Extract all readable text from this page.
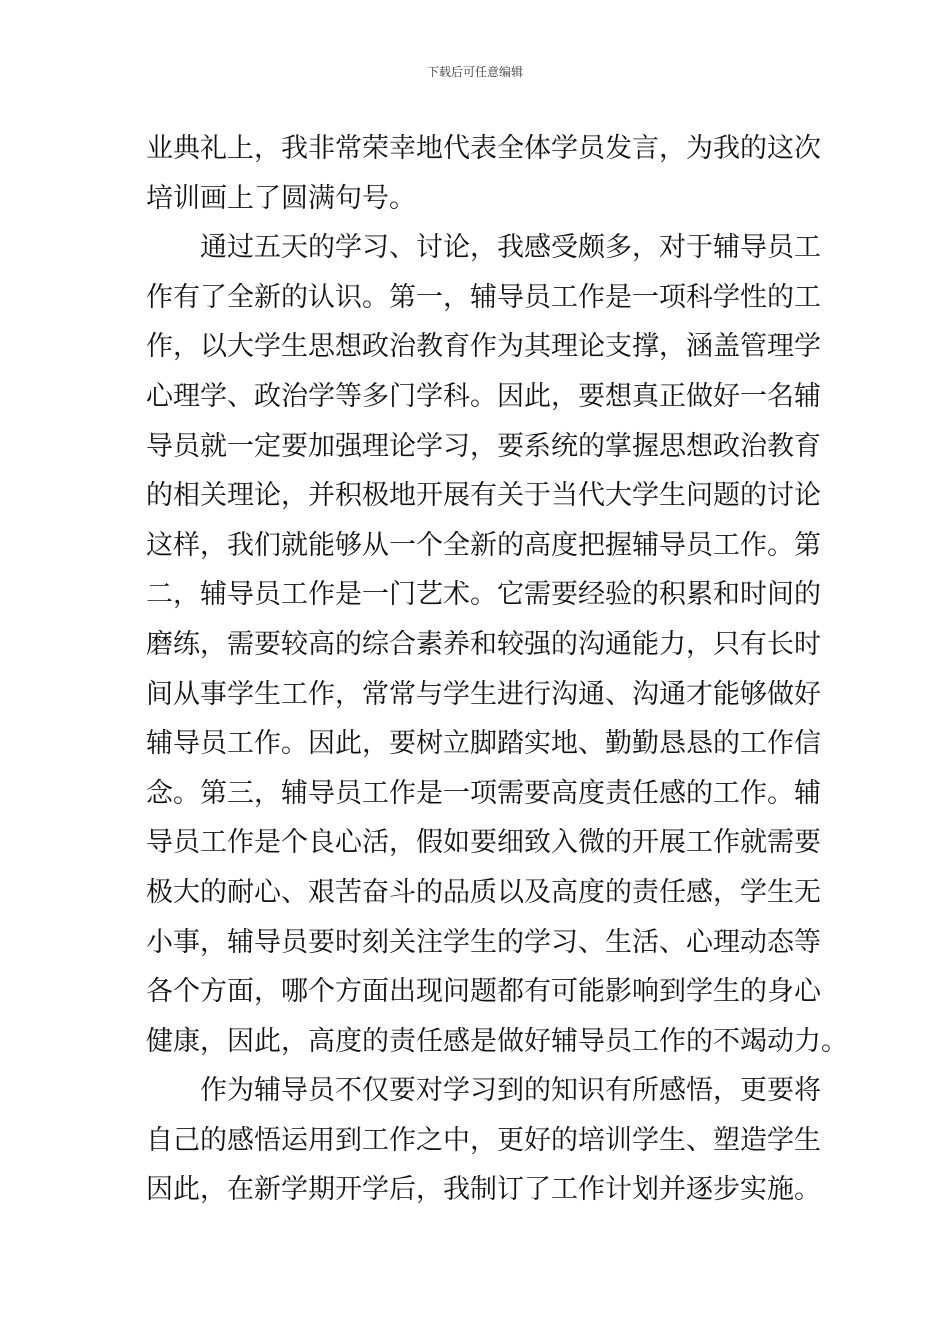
下载后可任意编辑
业典礼上，我非常荣幸地代表全体学员发言，为我的这次
培训画上了圆满句号。
通过五天的学习、讨论，我感受颇多，对于辅导员工
作有了全新的认识。第一，辅导员工作是一项科学性的工
作，以大学生思想政治教育作为其理论支撑，涵盖管理学
心理学、政治学等多门学科。因此，要想真正做好一名辅
导员就一定要加强理论学习，要系统的掌握思想政治教育
的相关理论，并积极地开展有关于当代大学生问题的讨论
这样，我们就能够从一个全新的高度把握辅导员工作。第
二，辅导员工作是一门艺术。它需要经验的积累和时间的
磨练，需要较高的综合素养和较强的沟通能力，只有长时
间从事学生工作，常常与学生进行沟通、沟通才能够做好
辅导员工作。因此，要树立脚踏实地、勤勤恳恳的工作信
念。第三，辅导员工作是一项需要高度责任感的工作。辅
导员工作是个良心活，假如要细致入微的开展工作就需要
极大的耐心、艰苦奋斗的品质以及高度的责任感，学生无
小事，辅导员要时刻关注学生的学习、生活、心理动态等
各个方面，哪个方面出现问题都有可能影响到学生的身心
健康，因此，高度的责任感是做好辅导员工作的不竭动力。
作为辅导员不仅要对学习到的知识有所感悟，更要将
自己的感悟运用到工作之中，更好的培训学生、塑造学生
因此，在新学期开学后，我制订了工作计划并逐步实施。
